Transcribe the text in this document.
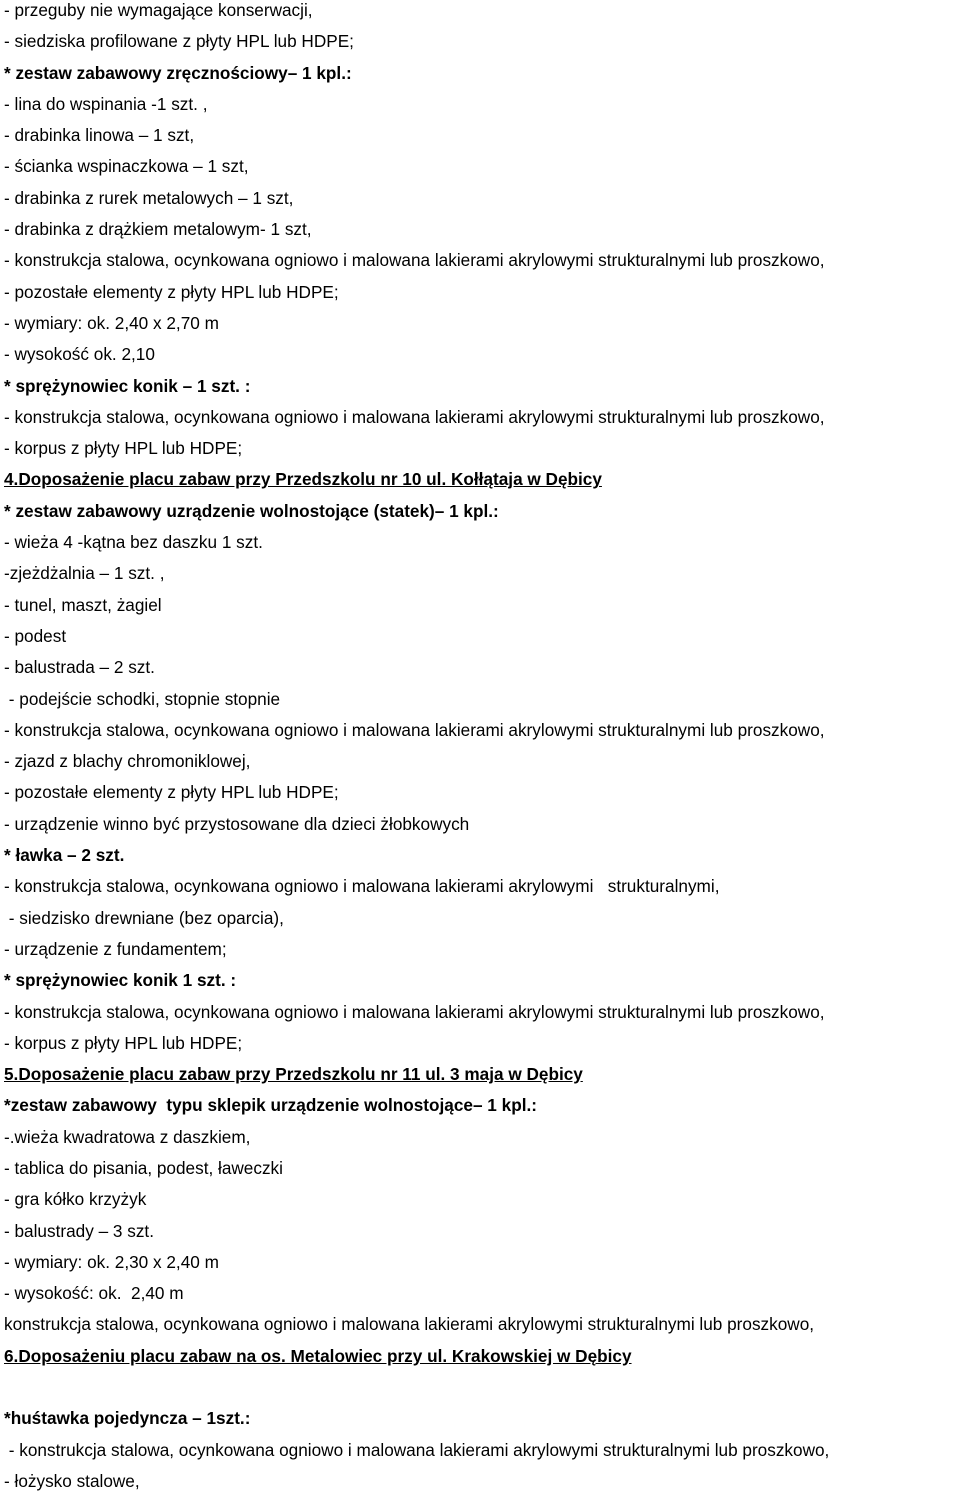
- przeguby nie wymagające konserwacji,
- siedziska profilowane z płyty HPL lub HDPE;
* zestaw zabawowy zręcznościowy– 1 kpl.:
- lina do wspinania -1 szt. ,
- drabinka linowa – 1 szt,
- ścianka wspinaczkowa – 1 szt,
- drabinka z rurek metalowych – 1 szt,
- drabinka z drążkiem metalowym- 1 szt,
- konstrukcja stalowa, ocynkowana ogniowo i malowana lakierami akrylowymi strukturalnymi lub proszkowo,
- pozostałe elementy z płyty HPL lub HDPE;
- wymiary: ok. 2,40 x 2,70 m
- wysokość ok. 2,10
* sprężynowiec konik – 1 szt. :
- konstrukcja stalowa, ocynkowana ogniowo i malowana lakierami akrylowymi strukturalnymi lub proszkowo,
- korpus z płyty HPL lub HDPE;
4.Doposażenie placu zabaw przy Przedszkolu nr 10 ul. Kołłątaja w Dębicy
* zestaw zabawowy uzrądzenie wolnostojące (statek)– 1 kpl.:
- wieża 4 -kątna bez daszku 1 szt.
-zjeżdżalnia – 1 szt. ,
- tunel, maszt, żagiel
- podest
- balustrada – 2 szt.
- podejście schodki, stopnie stopnie
- konstrukcja stalowa, ocynkowana ogniowo i malowana lakierami akrylowymi strukturalnymi lub proszkowo,
- zjazd z blachy chromoniklowej,
- pozostałe elementy z płyty HPL lub HDPE;
- urządzenie winno być przystosowane dla dzieci żłobkowych
* ławka – 2 szt.
- konstrukcja stalowa, ocynkowana ogniowo i malowana lakierami akrylowymi   strukturalnymi,
- siedzisko drewniane (bez oparcia),
- urządzenie z fundamentem;
* sprężynowiec konik 1 szt. :
- konstrukcja stalowa, ocynkowana ogniowo i malowana lakierami akrylowymi strukturalnymi lub proszkowo,
- korpus z płyty HPL lub HDPE;
5.Doposażenie placu zabaw przy Przedszkolu nr 11 ul. 3 maja w Dębicy
*zestaw zabawowy  typu sklepik urządzenie wolnostojące– 1 kpl.:
-.wieża kwadratowa z daszkiem,
- tablica do pisania, podest, ławeczki
- gra kółko krzyżyk
- balustrady – 3 szt.
- wymiary: ok. 2,30 x 2,40 m
- wysokość: ok.  2,40 m
konstrukcja stalowa, ocynkowana ogniowo i malowana lakierami akrylowymi strukturalnymi lub proszkowo,
6.Doposażeniu placu zabaw na os. Metalowiec przy ul. Krakowskiej w Dębicy
*huśtawka pojedyncza – 1szt.:
- konstrukcja stalowa, ocynkowana ogniowo i malowana lakierami akrylowymi strukturalnymi lub proszkowo,
- łożysko stalowe,
